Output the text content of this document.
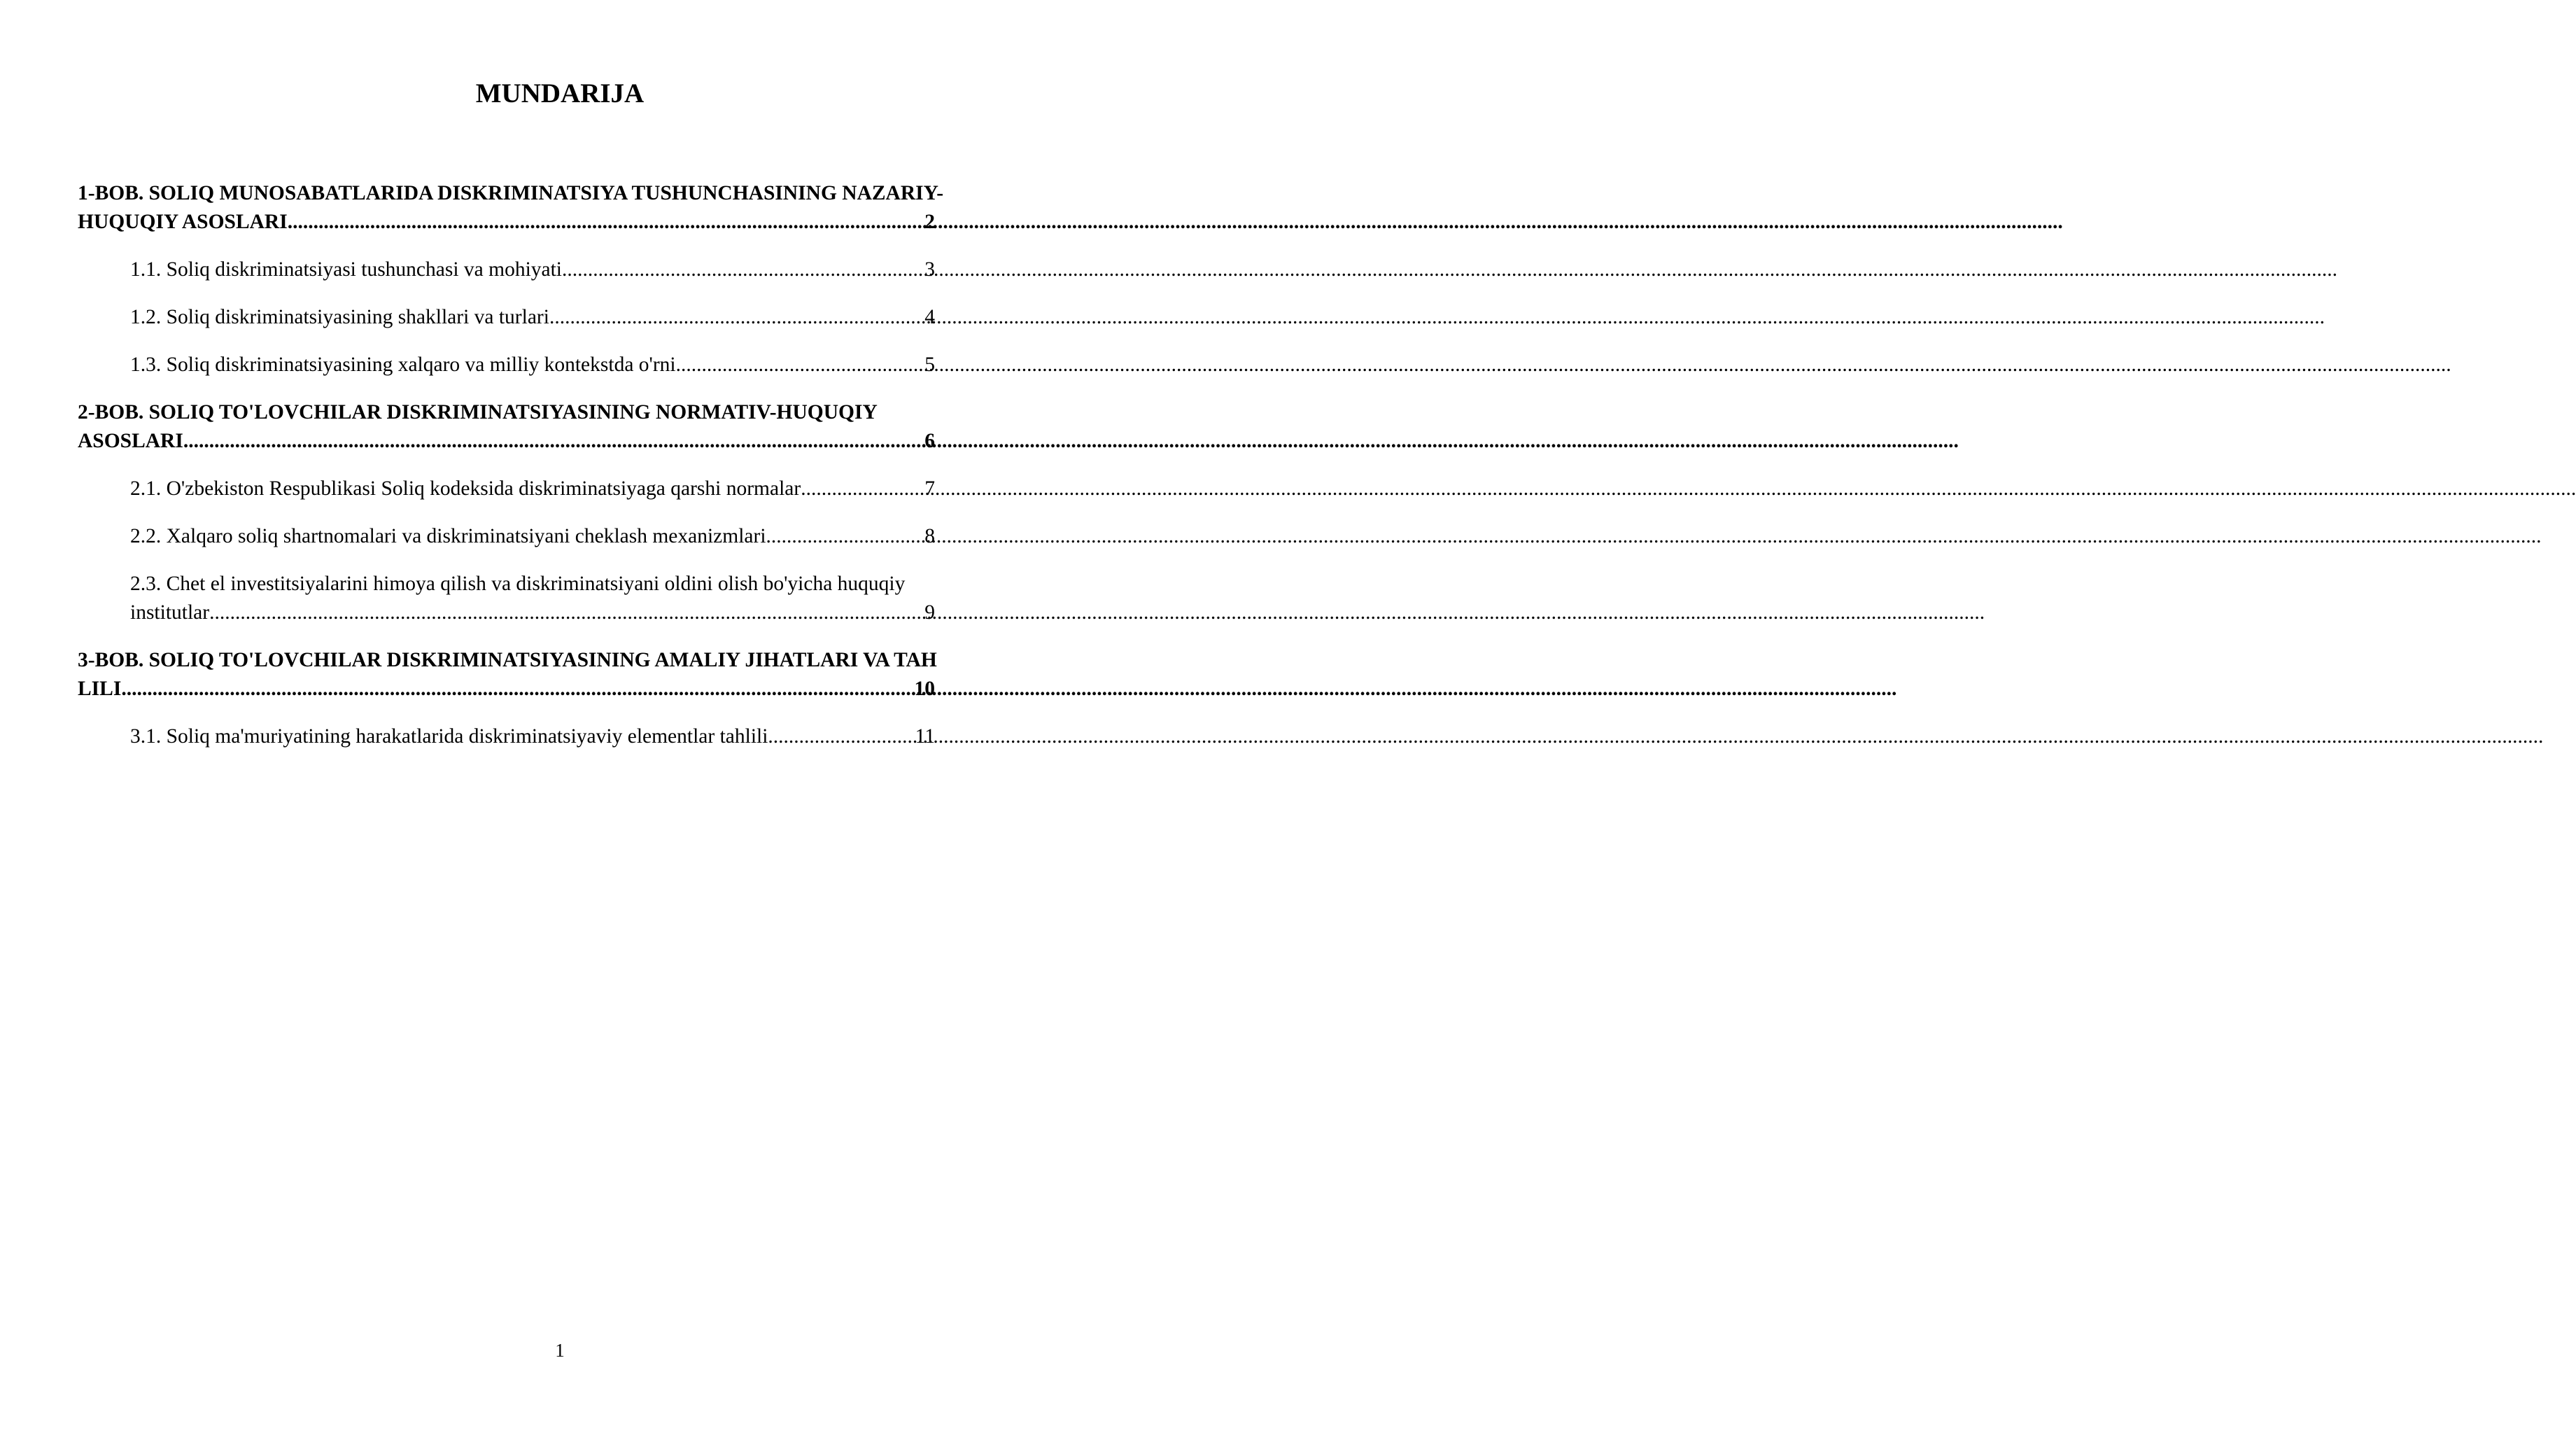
MUNDARIJA
1-BOB. SOLIQ MUNOSABATLARIDA DISKRIMINATSIYA TUSHUNCHASINING NAZARIY-
HUQUQIY ASOSLARI .....	2
1.1. Soliq diskriminatsiyasi tushunchasi va mohiyati .....	3
1.2. Soliq diskriminatsiyasining shakllari va turlari .....	4
1.3. Soliq diskriminatsiyasining xalqaro va milliy kontekstda o'rni .....	5
2-BOB. SOLIQ TO'LOVCHILAR DISKRIMINATSIYASINING NORMATIV-HUQUQIY
ASOSLARI .....	6
2.1. O'zbekiston Respublikasi Soliq kodeksida diskriminatsiyaga qarshi normalar .....	7
2.2. Xalqaro soliq shartnomalari va diskriminatsiyani cheklash mexanizmlari .....	8
2.3. Chet el investitsiyalarini himoya qilish va diskriminatsiyani oldini olish bo'yicha huquqiy
institutlar .....	9
3-BOB. SOLIQ TO'LOVCHILAR DISKRIMINATSIYASINING AMALIY JIHATLARI VA TAH
LILI .....	10
3.1. Soliq ma'muriyatining harakatlarida diskriminatsiyaviy elementlar tahlili .....	11
1
